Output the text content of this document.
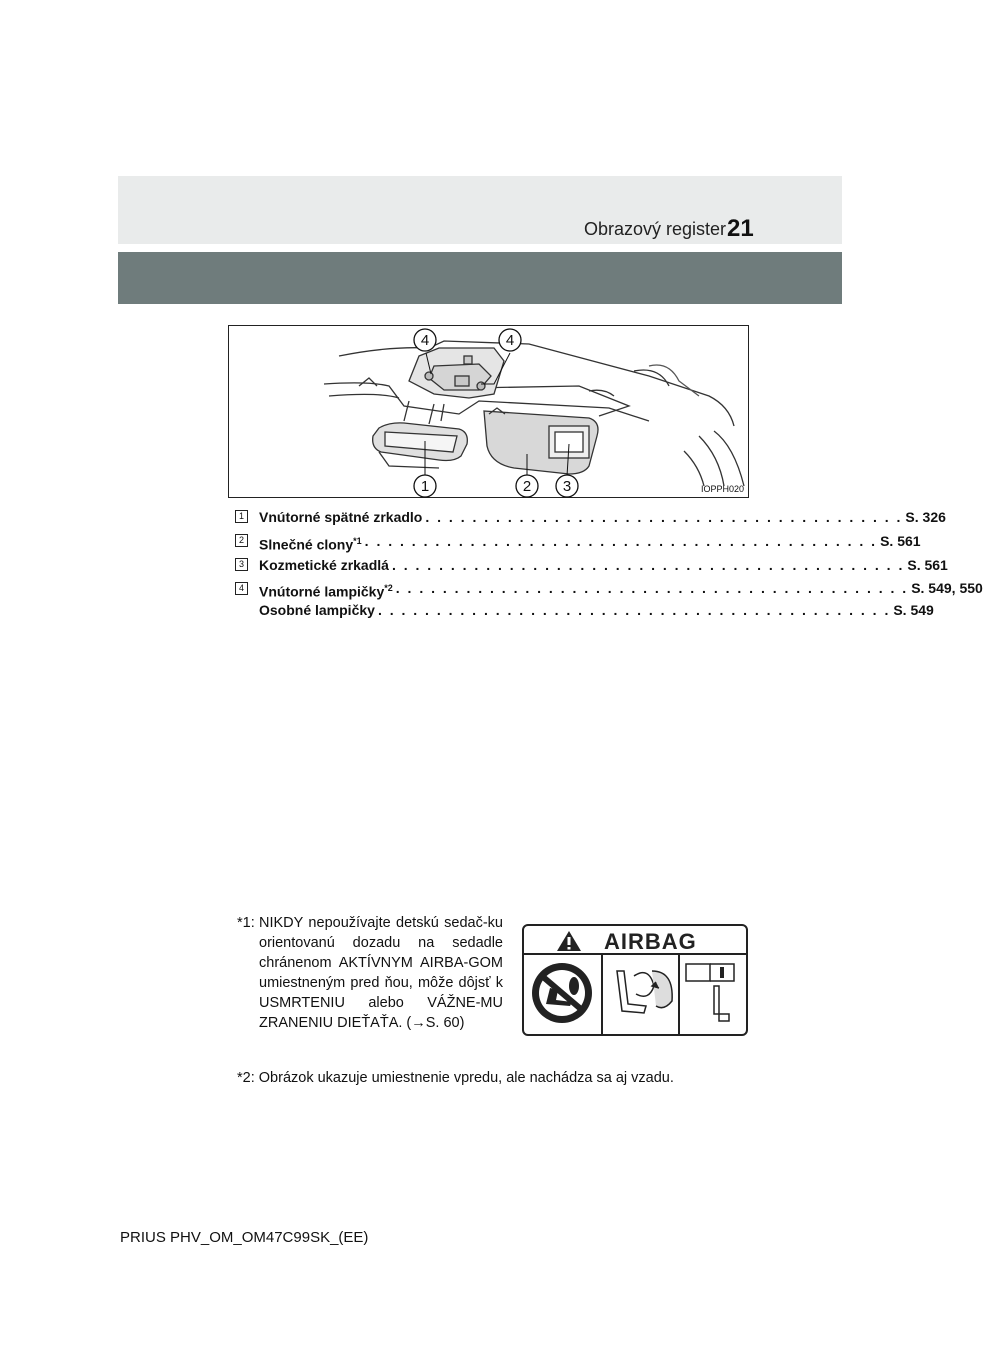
Obrazový register 21
4	4
1	2 3	IOPPH020
1 Vnútorné spätné zrkadlo . . . . . . . . . . . . . . . . . . . . . . . . . . . . . . . . . . . . . . . . . S. 326
2 Slnečné clony$^{*1}$ . . . . . . . . . . . . . . . . . . . . . . . . . . . . . . . . . . . . . . . . . . . . S. 561
3 Kozmetické zrkadlá . . . . . . . . . . . . . . . . . . . . . . . . . . . . . . . . . . . . . . . . . . . . S. 561
4 Vnútorné lampičky$^{*2}$ . . . . . . . . . . . . . . . . . . . . . . . . . . . . . . . . . . . . . . . . . . . . S. 549, 550
Osobné lampičky . . . . . . . . . . . . . . . . . . . . . . . . . . . . . . . . . . . . . . . . . . . . S. 549
*1: NIKDY nepoužívajte detskú sedač-ku orientovanú dozadu na sedadle chránenom AKTÍVNYM AIRBA-GOM umiestneným pred ňou, môže dôjsť k USMRTENIU alebo VÁŽNE-MU ZRANENIU DIEŤAŤA. (→S. 60)
AIRBAG
*2: Obrázok ukazuje umiestnenie vpredu, ale nachádza sa aj vzadu.
PRIUS PHV_OM_OM47C99SK_(EE)
